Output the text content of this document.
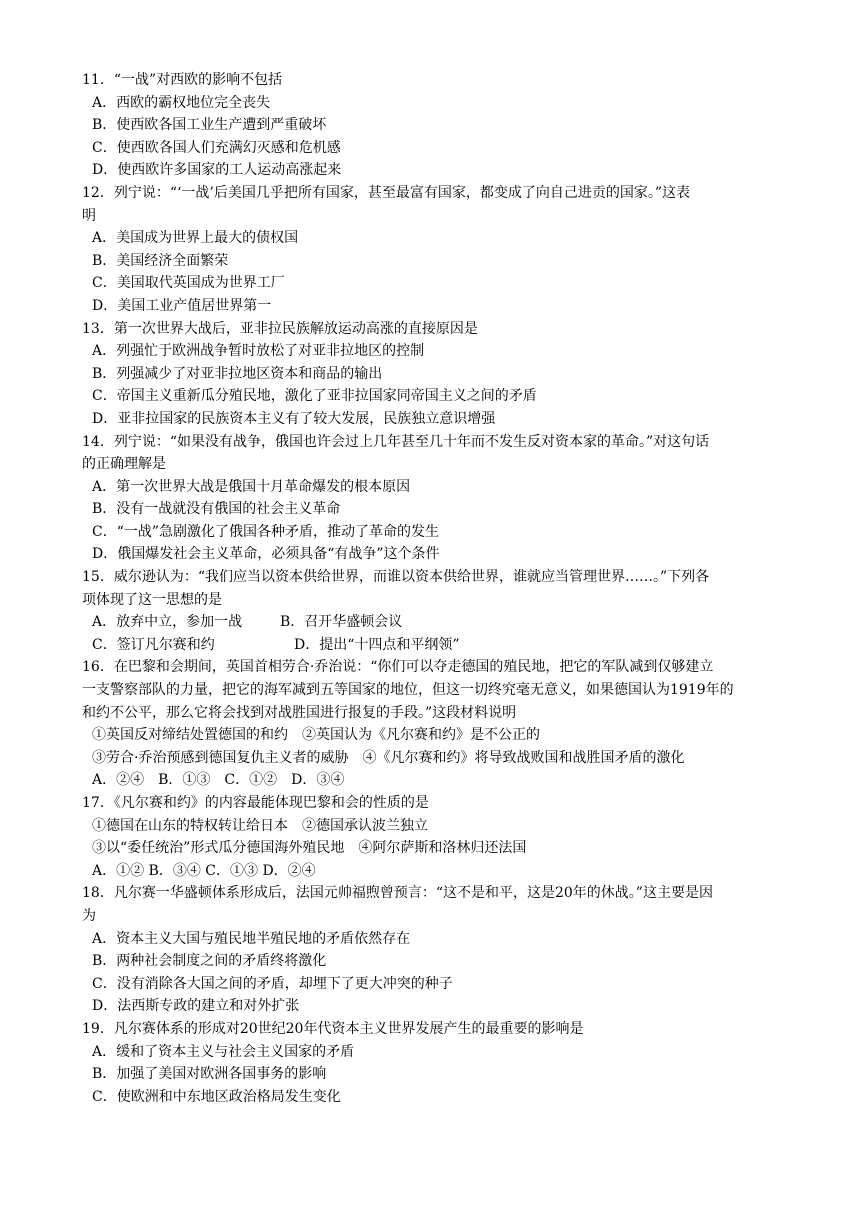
11．“一战”对西欧的影响不包括
A．西欧的霸权地位完全丧失
B．使西欧各国工业生产遭到严重破坏
C．使西欧各国人们充满幻灭感和危机感
D．使西欧许多国家的工人运动高涨起来
12．列宁说：“‘一战’后美国几乎把所有国家，甚至最富有国家，都变成了向自己进贡的国家。”这表
明
A．美国成为世界上最大的债权国
B．美国经济全面繁荣
C．美国取代英国成为世界工厂
D．美国工业产值居世界第一
13．第一次世界大战后，亚非拉民族解放运动高涨的直接原因是
A．列强忙于欧洲战争暂时放松了对亚非拉地区的控制
B．列强减少了对亚非拉地区资本和商品的输出
C．帝国主义重新瓜分殖民地，激化了亚非拉国家同帝国主义之间的矛盾
D．亚非拉国家的民族资本主义有了较大发展，民族独立意识增强
14．列宁说：“如果没有战争，俄国也许会过上几年甚至几十年而不发生反对资本家的革命。”对这句话
的正确理解是
A．第一次世界大战是俄国十月革命爆发的根本原因
B．没有一战就没有俄国的社会主义革命
C．“一战”急剧激化了俄国各种矛盾，推动了革命的发生
D．俄国爆发社会主义革命，必须具备“有战争”这个条件
15．威尔逊认为：“我们应当以资本供给世界，而谁以资本供给世界，谁就应当管理世界……。”下列各
项体现了这一思想的是
A．放弃中立，参加一战	B．召开华盛顿会议
C．签订凡尔赛和约	D．提出“十四点和平纲领”
16．在巴黎和会期间，英国首相劳合·乔治说：“你们可以夺走德国的殖民地，把它的军队减到仅够建立
一支警察部队的力量，把它的海军减到五等国家的地位，但这一切终究毫无意义，如果德国认为1919年的
和约不公平，那么它将会找到对战胜国进行报复的手段。”这段材料说明
①英国反对缔结处置德国的和约　②英国认为《凡尔赛和约》是不公正的
③劳合·乔治预感到德国复仇主义者的威胁　④《凡尔赛和约》将导致战败国和战胜国矛盾的激化
A．②④　B．①③　C．①②　D．③④
17．《凡尔赛和约》的内容最能体现巴黎和会的性质的是
①德国在山东的特权转让给日本　②德国承认波兰独立
③以“委任统治”形式瓜分德国海外殖民地　④阿尔萨斯和洛林归还法国
A．①② B．③④ C．①③ D．②④
18．凡尔赛一华盛顿体系形成后，法国元帅福煦曾预言：“这不是和平，这是20年的休战。”这主要是因
为
A．资本主义大国与殖民地半殖民地的矛盾依然存在
B．两种社会制度之间的矛盾终将激化
C．没有消除各大国之间的矛盾，却埋下了更大冲突的种子
D．法西斯专政的建立和对外扩张
19．凡尔赛体系的形成对20世纪20年代资本主义世界发展产生的最重要的影响是
A．缓和了资本主义与社会主义国家的矛盾
B．加强了美国对欧洲各国事务的影响
C．使欧洲和中东地区政治格局发生变化
